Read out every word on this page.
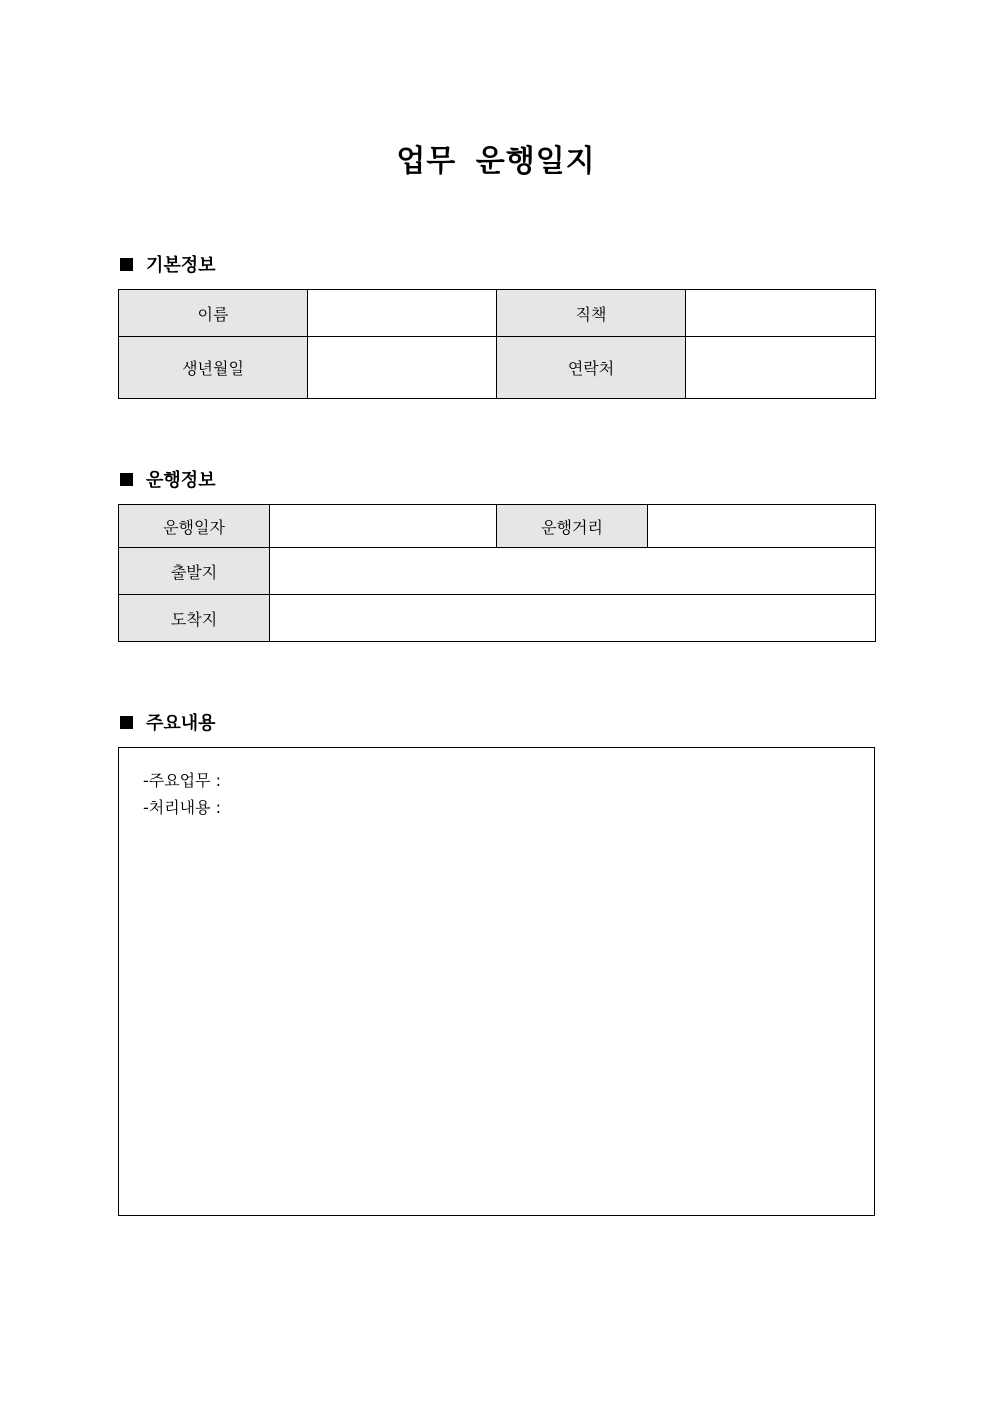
업무 운행일지
기본정보
이름		직책	
생년월일		연락처	
운행정보
운행일자		운행거리	
출발지			
도착지			
주요내용
-주요업무 :
-처리내용 :
